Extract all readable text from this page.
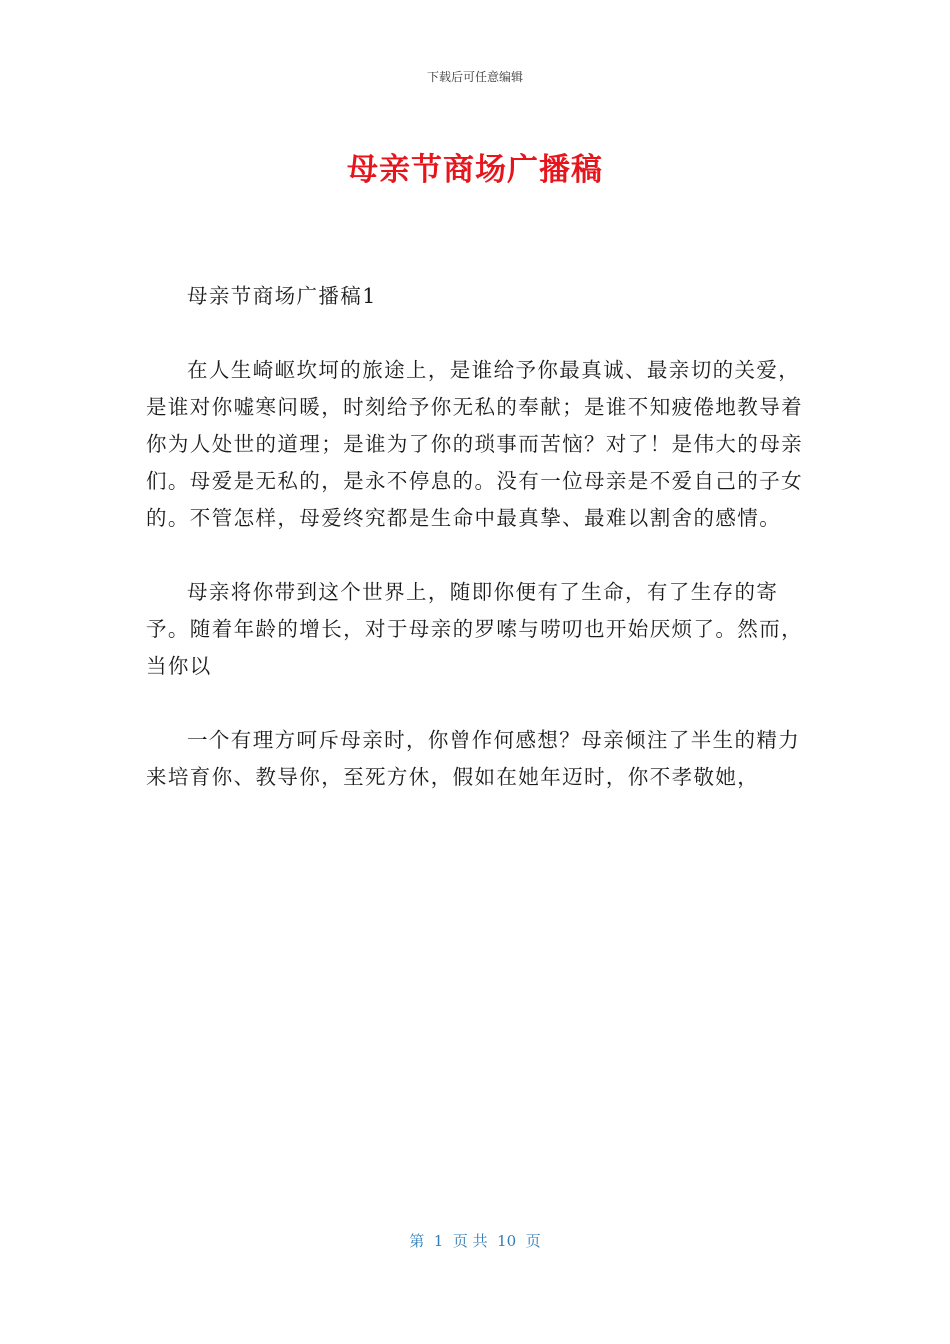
下载后可任意编辑
母亲节商场广播稿

母亲节商场广播稿1

在人生崎岖坎坷的旅途上，是谁给予你最真诚、最亲切的关爱，是谁对你嘘寒问暖，时刻给予你无私的奉献；是谁不知疲倦地教导着你为人处世的道理；是谁为了你的琐事而苦恼？对了！是伟大的母亲们。母爱是无私的，是永不停息的。没有一位母亲是不爱自己的子女的。不管怎样，母爱终究都是生命中最真挚、最难以割舍的感情。

母亲将你带到这个世界上，随即你便有了生命，有了生存的寄予。随着年龄的增长，对于母亲的罗嗦与唠叨也开始厌烦了。然而，当你以

一个有理方呵斥母亲时，你曾作何感想？母亲倾注了半生的精力来培育你、教导你，至死方休，假如在她年迈时，你不孝敬她，

第  1  页 共  10  页
